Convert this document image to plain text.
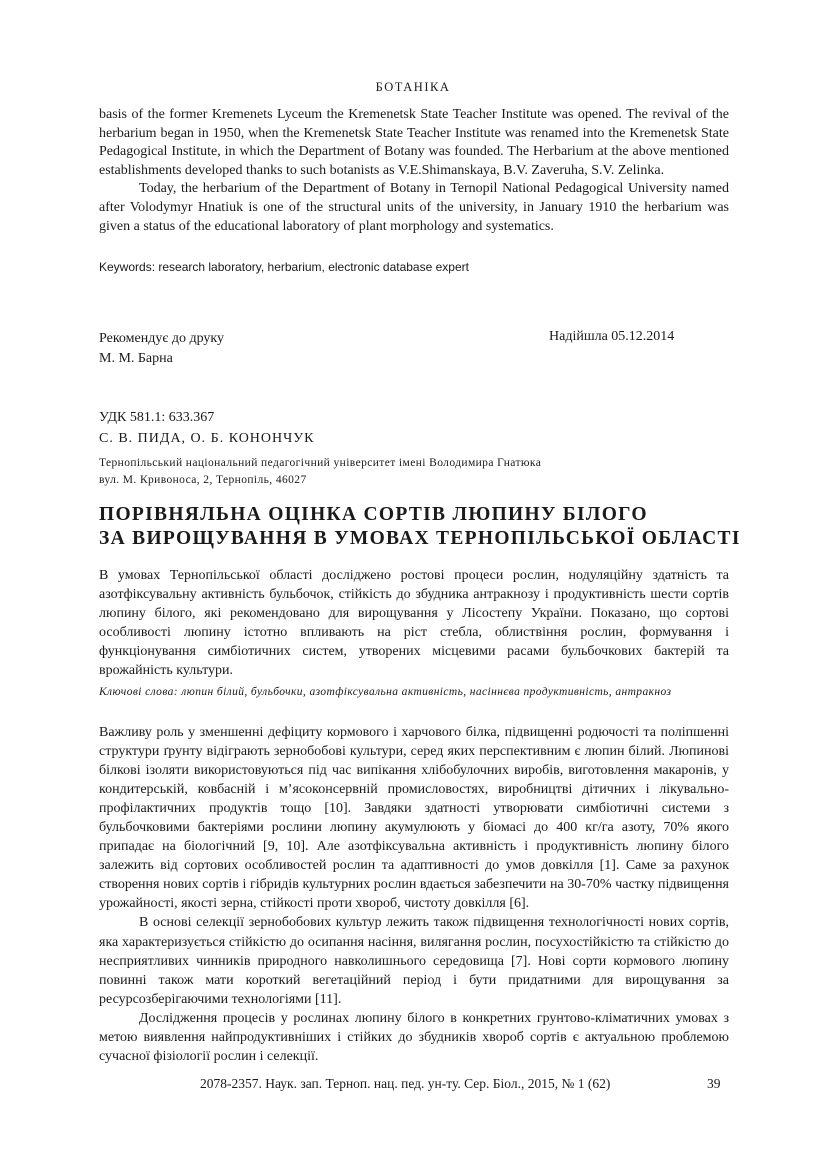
БОТАНІКА

basis of the former Kremenets Lyceum the Kremenetsk State Teacher Institute was opened. The revival of the herbarium began in 1950, when the Kremenetsk State Teacher Institute was renamed into the Kremenetsk State Pedagogical Institute, in which the Department of Botany was founded. The Herbarium at the above mentioned establishments developed thanks to such botanists as V.E.Shimanskaya, B.V. Zaveruha, S.V. Zelinka.

Today, the herbarium of the Department of Botany in Ternopil National Pedagogical University named after Volodymyr Hnatiuk is one of the structural units of the university, in January 1910 the herbarium was given a status of the educational laboratory of plant morphology and systematics.

Keywords: research laboratory, herbarium, electronic database expert
Рекомендує до друку
М. М. Барна
Надійшла 05.12.2014
УДК 581.1: 633.367
С. В. ПИДА, О. Б. КОНОНЧУК
Тернопільський національний педагогічний університет імені Володимира Гнатюка
вул. М. Кривоноса, 2, Тернопіль, 46027
ПОРІВНЯЛЬНА ОЦІНКА СОРТІВ ЛЮПИНУ БІЛОГО
ЗА ВИРОЩУВАННЯ В УМОВАХ ТЕРНОПІЛЬСЬКОЇ ОБЛАСТІ

В умовах Тернопільської області досліджено ростові процеси рослин, нодуляційну здатність та азотфіксувальну активність бульбочок, стійкість до збудника антракнозу і продуктивність шести сортів люпину білого, які рекомендовано для вирощування у Лісостепу України. Показано, що сортові особливості люпину істотно впливають на ріст стебла, облиствіння рослин, формування і функціонування симбіотичних систем, утворених місцевими расами бульбочкових бактерій та врожайність культури.

Ключові слова: люпин білий, бульбочки, азотфіксувальна активність, насіннєва продуктивність, антракноз

Важливу роль у зменшенні дефіциту кормового і харчового білка, підвищенні родючості та поліпшенні структури ґрунту відіграють зернобобові культури, серед яких перспективним є люпин білий. Люпинові білкові ізоляти використовуються під час випікання хлібобулочних виробів, виготовлення макаронів, у кондитерській, ковбасній і м’ясоконсервній промисловостях, виробництві дітичних і лікувально-профілактичних продуктів тощо [10]. Завдяки здатності утворювати симбіотичні системи з бульбочковими бактеріями рослини люпину акумулюють у біомасі до 400 кг/га азоту, 70% якого припадає на біологічний [9, 10]. Але азотфіксувальна активність і продуктивність люпину білого залежить від сортових особливостей рослин та адаптивності до умов довкілля [1]. Саме за рахунок створення нових сортів і гібридів культурних рослин вдається забезпечити на 30-70% частку підвищення урожайності, якості зерна, стійкості проти хвороб, чистоту довкілля [6].

В основі селекції зернобобових культур лежить також підвищення технологічності нових сортів, яка характеризується стійкістю до осипання насіння, вилягання рослин, посухостійкістю та стійкістю до несприятливих чинників природного навколишнього середовища [7]. Нові сорти кормового люпину повинні також мати короткий вегетаційний період і бути придатними для вирощування за ресурсозберігаючими технологіями [11].

Дослідження процесів у рослинах люпину білого в конкретних грунтово-кліматичних умовах з метою виявлення найпродуктивніших і стійких до збудників хвороб сортів є актуальною проблемою сучасної фізіології рослин і селекції.

2078-2357. Наук. зап. Терноп. нац. пед. ун-ту. Сер. Біол., 2015, № 1 (62)	39
